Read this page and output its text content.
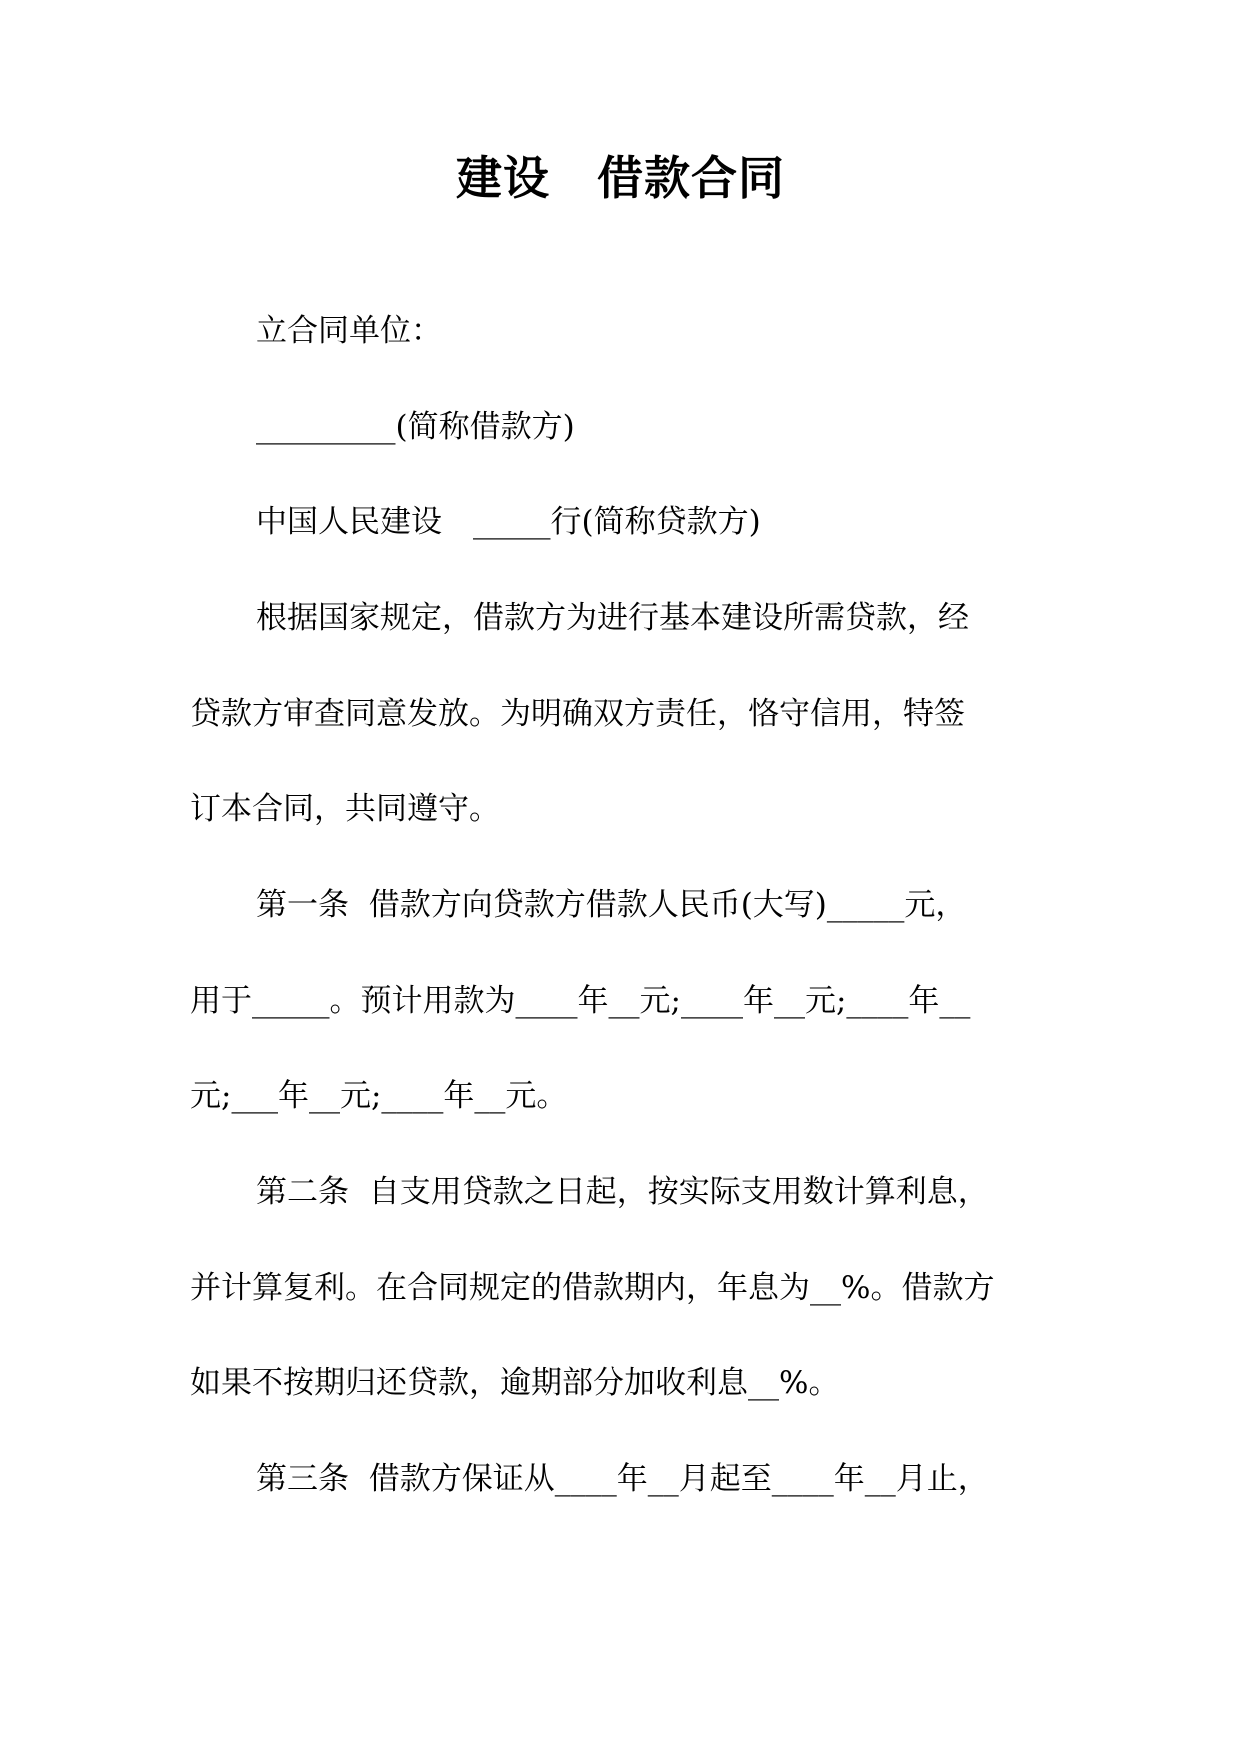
建设　借款合同
立合同单位：
_________(简称借款方)
中国人民建设　_____行(简称贷款方)
根据国家规定，借款方为进行基本建设所需贷款，经
贷款方审查同意发放。为明确双方责任，恪守信用，特签
订本合同，共同遵守。
第一条  借款方向贷款方借款人民币(大写)_____元，
用于_____。预计用款为____年__元;____年__元;____年__
元;___年__元;____年__元。
第二条  自支用贷款之日起，按实际支用数计算利息，
并计算复利。在合同规定的借款期内，年息为__%。借款方
如果不按期归还贷款，逾期部分加收利息__%。
第三条  借款方保证从____年__月起至____年__月止，
